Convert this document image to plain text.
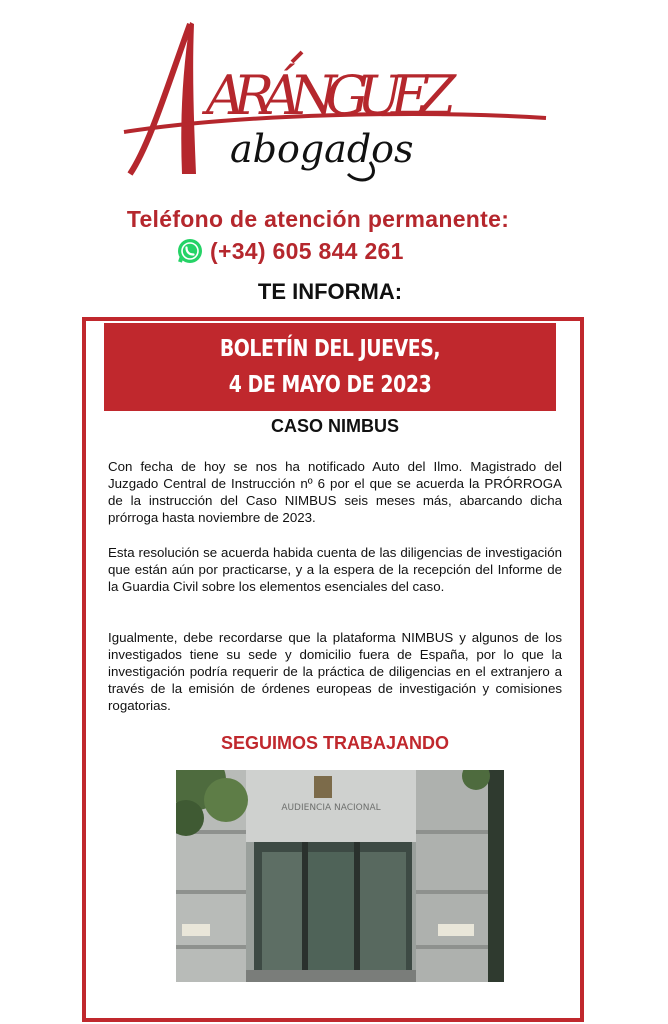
ARÁNGUEZ
abogados
Teléfono de atención permanente:
(+34) 605 844 261
TE INFORMA:
BOLETÍN DEL JUEVES,
4 DE MAYO DE 2023
CASO NIMBUS

Con fecha de hoy se nos ha notificado Auto del Ilmo. Magistrado del Juzgado Central de Instrucción nº 6 por el que se acuerda la PRÓRROGA de la instrucción del Caso NIMBUS seis meses más, abarcando dicha prórroga hasta noviembre de 2023.

Esta resolución se acuerda habida cuenta de las diligencias de investigación que están aún por practicarse, y a la espera de la recepción del Informe de la Guardia Civil sobre los elementos esenciales del caso.

Igualmente, debe recordarse que la plataforma NIMBUS y algunos de los investigados tiene su sede y domicilio fuera de España, por lo que la investigación podría requerir de la práctica de diligencias en el extranjero a través de la emisión de órdenes europeas de investigación y comisiones rogatorias.

SEGUIMOS TRABAJANDO
AUDIENCIA NACIONAL
